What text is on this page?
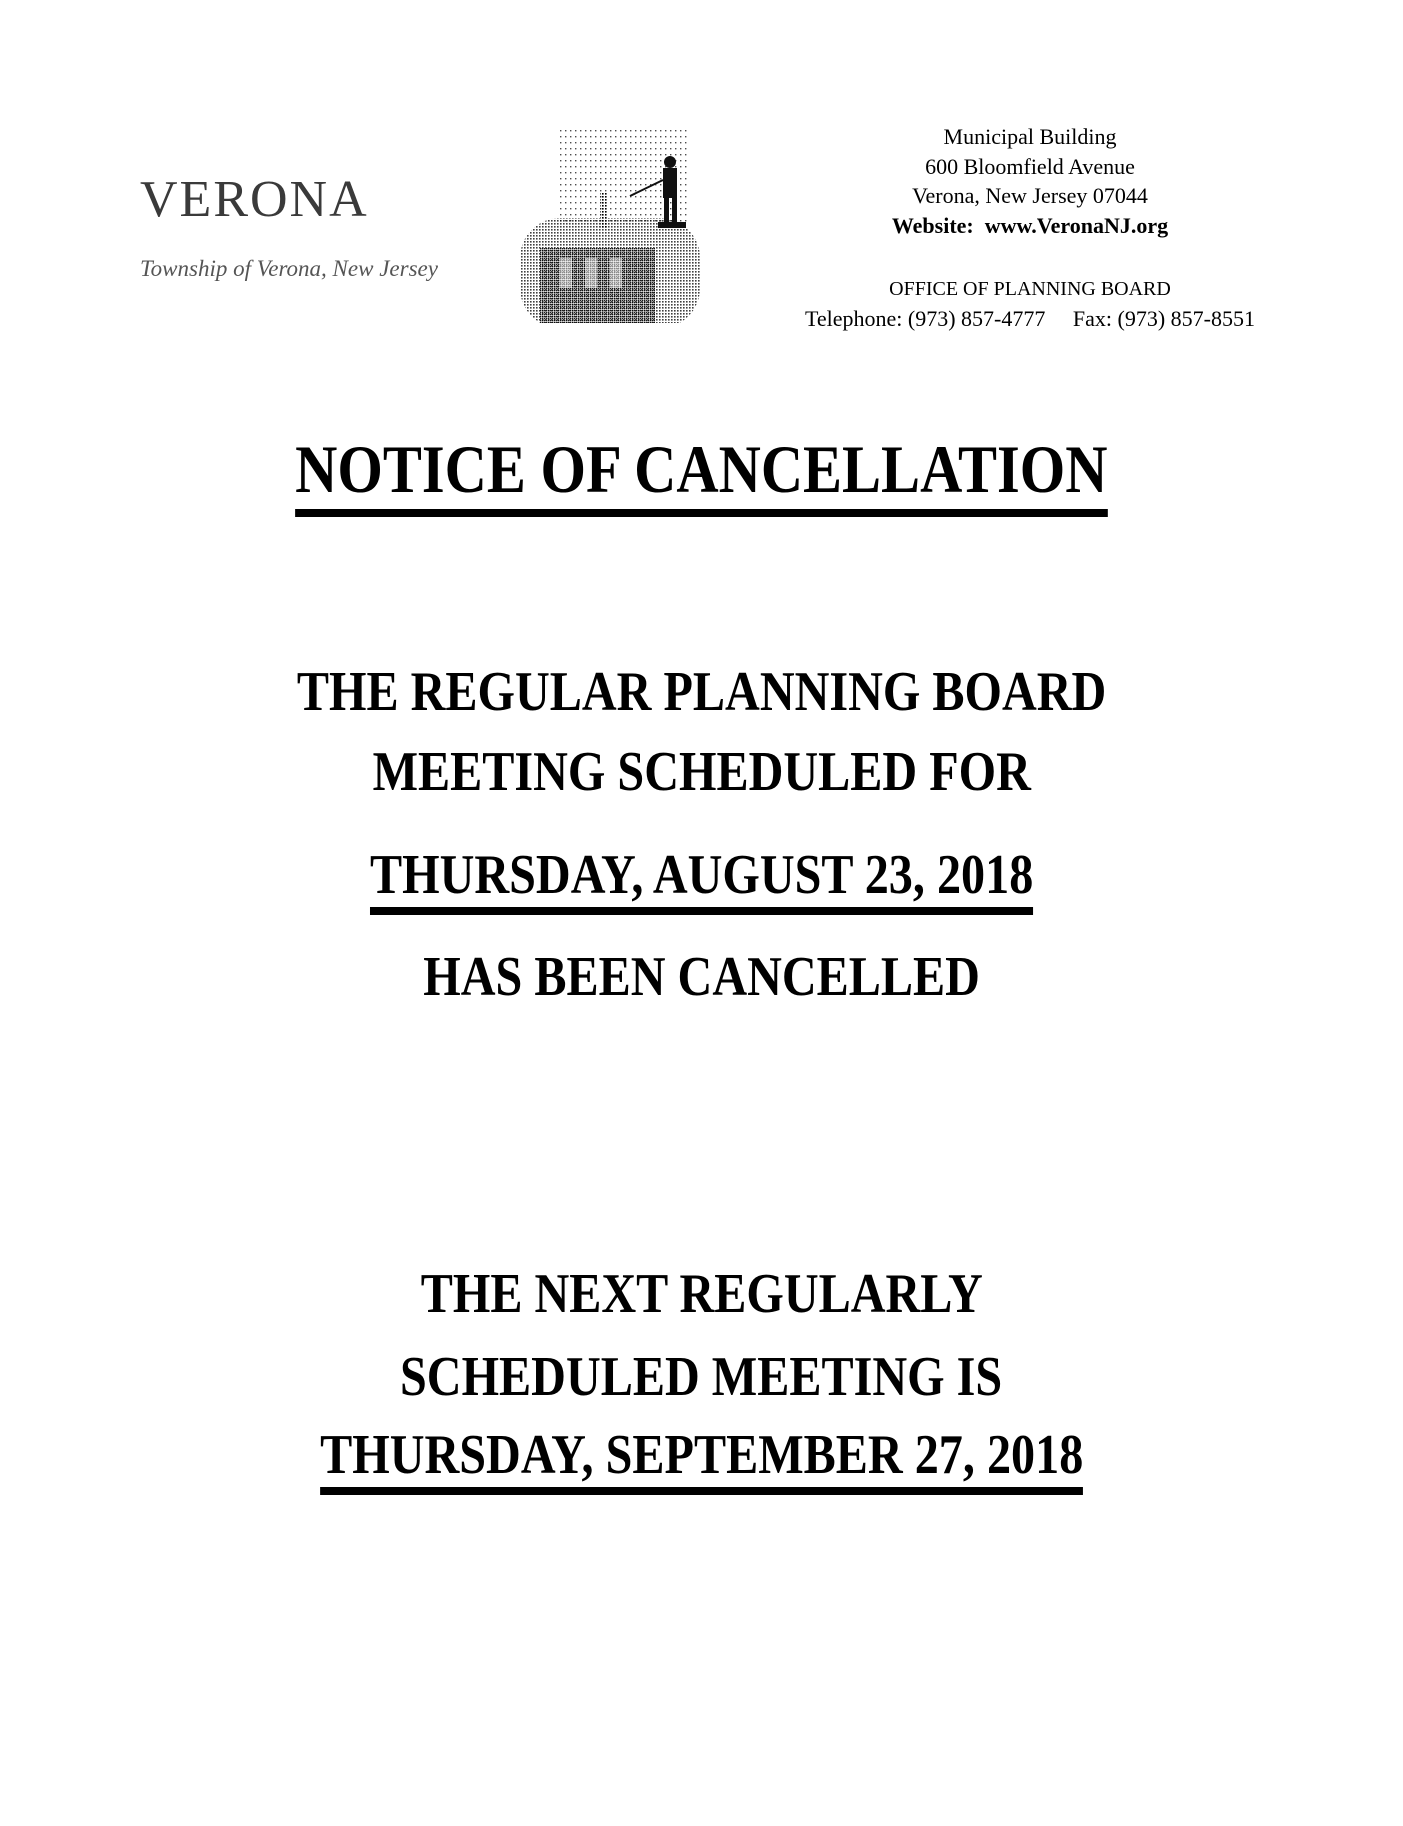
VERONA
Township of Verona, New Jersey
Municipal Building
600 Bloomfield Avenue
Verona, New Jersey 07044
Website: www.VeronaNJ.org
OFFICE OF PLANNING BOARD
Telephone: (973) 857-4777 Fax: (973) 857-8551
NOTICE OF CANCELLATION
THE REGULAR PLANNING BOARD
MEETING SCHEDULED FOR
THURSDAY, AUGUST 23, 2018
HAS BEEN CANCELLED
THE NEXT REGULARLY
SCHEDULED MEETING IS
THURSDAY, SEPTEMBER 27, 2018
